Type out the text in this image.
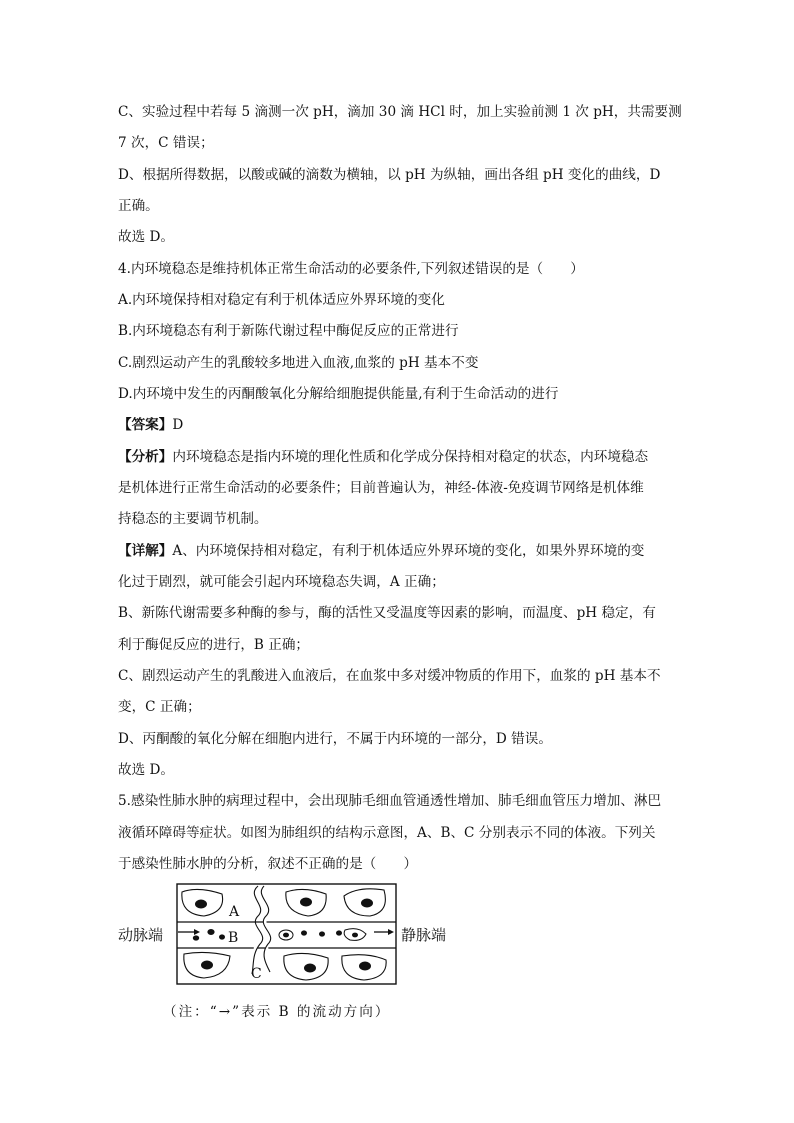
C、实验过程中若每 5 滴测一次 pH，滴加 30 滴 HCl 时，加上实验前测 1 次 pH，共需要测
7 次，C 错误；
D、根据所得数据，以酸或碱的滴数为横轴，以 pH 为纵轴，画出各组 pH 变化的曲线，D
正确。
故选 D。
4.内环境稳态是维持机体正常生命活动的必要条件,下列叙述错误的是（　　）
A.内环境保持相对稳定有利于机体适应外界环境的变化
B.内环境稳态有利于新陈代谢过程中酶促反应的正常进行
C.剧烈运动产生的乳酸较多地进入血液,血浆的 pH 基本不变
D.内环境中发生的丙酮酸氧化分解给细胞提供能量,有利于生命活动的进行
【答案】D
【分析】内环境稳态是指内环境的理化性质和化学成分保持相对稳定的状态，内环境稳态
是机体进行正常生命活动的必要条件；目前普遍认为，神经-体液-免疫调节网络是机体维
持稳态的主要调节机制。
【详解】A、内环境保持相对稳定，有利于机体适应外界环境的变化，如果外界环境的变
化过于剧烈，就可能会引起内环境稳态失调，A 正确；
B、新陈代谢需要多种酶的参与，酶的活性又受温度等因素的影响，而温度、pH 稳定，有
利于酶促反应的进行，B 正确；
C、剧烈运动产生的乳酸进入血液后，在血浆中多对缓冲物质的作用下，血浆的 pH 基本不
变，C 正确；
D、丙酮酸的氧化分解在细胞内进行，不属于内环境的一部分，D 错误。
故选 D。
5.感染性肺水肿的病理过程中，会出现肺毛细血管通透性增加、肺毛细血管压力增加、淋巴
液循环障碍等症状。如图为肺组织的结构示意图，A、B、C 分别表示不同的体液。下列关
于感染性肺水肿的分析，叙述不正确的是（　　）
动脉端	静脉端
A
B
C
（注：“→”表示 B 的流动方向）
